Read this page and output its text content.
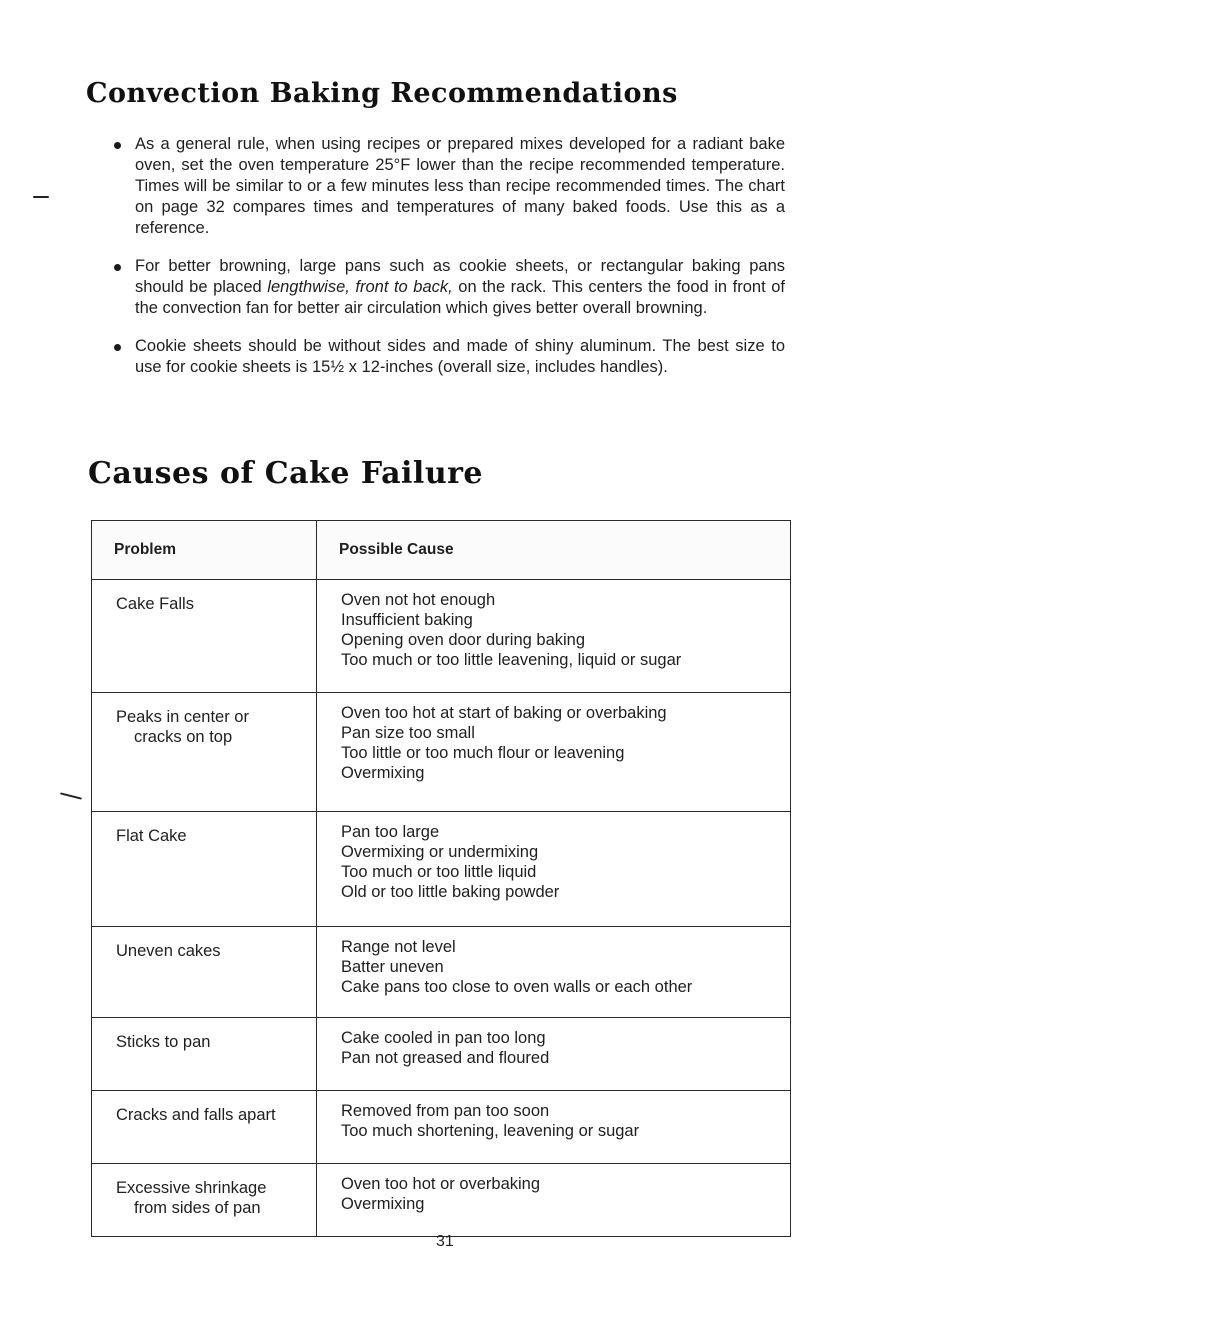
Convection Baking Recommendations
As a general rule, when using recipes or prepared mixes developed for a radiant bake oven, set the oven temperature 25°F lower than the recipe recommended temperature. Times will be similar to or a few minutes less than recipe recommended times. The chart on page 32 compares times and temperatures of many baked foods. Use this as a reference.
For better browning, large pans such as cookie sheets, or rectangular baking pans should be placed lengthwise, front to back, on the rack. This centers the food in front of the convection fan for better air circulation which gives better overall browning.
Cookie sheets should be without sides and made of shiny aluminum. The best size to use for cookie sheets is 15½ x 12-inches (overall size, includes handles).
Causes of Cake Failure
Problem	Possible Cause

Cake Falls	Oven not hot enough
Insufficient baking
Opening oven door during baking
Too much or too little leavening, liquid or sugar

Peaks in center or
cracks on top	Oven too hot at start of baking or overbaking
Pan size too small
Too little or too much flour or leavening
Overmixing

Flat Cake	Pan too large
Overmixing or undermixing
Too much or too little liquid
Old or too little baking powder

Uneven cakes	Range not level
Batter uneven
Cake pans too close to oven walls or each other

Sticks to pan	Cake cooled in pan too long
Pan not greased and floured

Cracks and falls apart	Removed from pan too soon
Too much shortening, leavening or sugar

Excessive shrinkage
from sides of pan	Oven too hot or overbaking
Overmixing
31
